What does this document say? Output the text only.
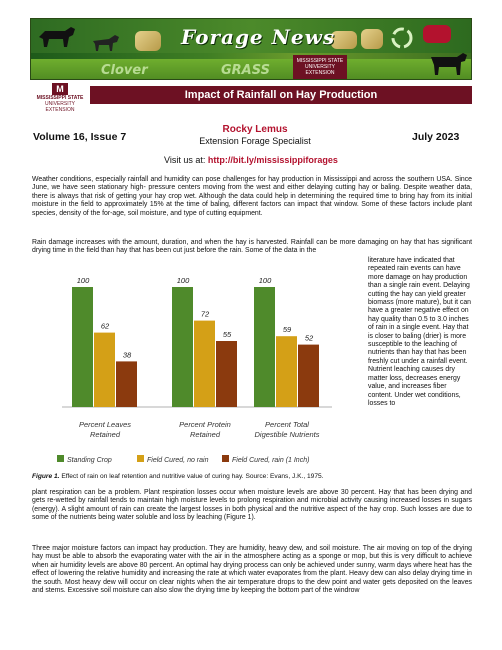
Forage News
Clover	GRASS
MISSISSIPPI STATE UNIVERSITY EXTENSION
M
MISSISSIPPI STATE
UNIVERSITY
EXTENSION
Impact of Rainfall on Hay Production
Volume 16, Issue 7
Rocky Lemus
Extension Forage Specialist	July 2023
Visit us at: http://bit.ly/mississippiforages
Weather conditions, especially rainfall and humidity can pose challenges for hay production in Mississippi and across the southern USA. Since June, we have seen stationary high- pressure centers moving from the west and either delaying cutting hay or baling. Despite weather data, there is always that risk of getting your hay crop wet. Although the data could help in determining the required time to bring hay from its initial moisture in the field to approximately 15% at the time of baling, different factors can impact that window. Some of these factors include plant species, density of the for-age, soil moisture, and type of cutting equipment.
Rain damage increases with the amount, duration, and when the hay is harvested. Rainfall can be more damaging on hay that has significant drying time in the field than hay that has been cut just before the rain. Some of the data in the
100
62
38
Percent Leaves
Retained
100
72
55
Percent Protein
Retained
100
59
52
Percent Total
Digestible Nutrients
Standing Crop	Field Cured, no rain	Field Cured, rain (1 Inch)
literature have indicated that repeated rain events can have more damage on hay production than a single rain event. Delaying cutting the hay can yield greater biomass (more mature), but it can have a greater negative effect on hay quality than 0.5 to 3.0 inches of rain in a single event. Hay that is closer to baling (drier) is more susceptible to the leaching of nutrients than hay that has been freshly cut under a rainfall event. Nutrient leaching causes dry matter loss, decreases energy value, and increases fiber content. Under wet conditions, losses to
Figure 1. Effect of rain on leaf retention and nutritive value of curing hay. Source: Evans, J.K., 1975.
plant respiration can be a problem. Plant respiration losses occur when moisture levels are above 30 percent. Hay that has been drying and gets re-wetted by rainfall tends to maintain high moisture levels to prolong respiration and microbial activity causing increased losses in sugars (energy). A slight amount of rain can create the largest losses in both physical and the nutritive aspect of the hay crop. Such losses are due to some of the nutrients being water soluble and loss by leaching (Figure 1).
Three major moisture factors can impact hay production. They are humidity, heavy dew, and soil moisture. The air moving on top of the drying hay must be able to absorb the evaporating water with the air in the atmosphere acting as a sponge or mop, but this is very difficult to achieve when air humidity levels are above 80 percent. An optimal hay drying process can only be achieved under sunny, warm days where heat has the effect of lowering the relative humidity and increasing the rate at which water evaporates from the plant. Heavy dew can also delay drying time in the south. Most heavy dew will occur on clear nights when the air temperature drops to the dew point and water gets deposited on the leaves and stems. Excessive soil moisture can also slow the drying time by keeping the bottom part of the windrow
